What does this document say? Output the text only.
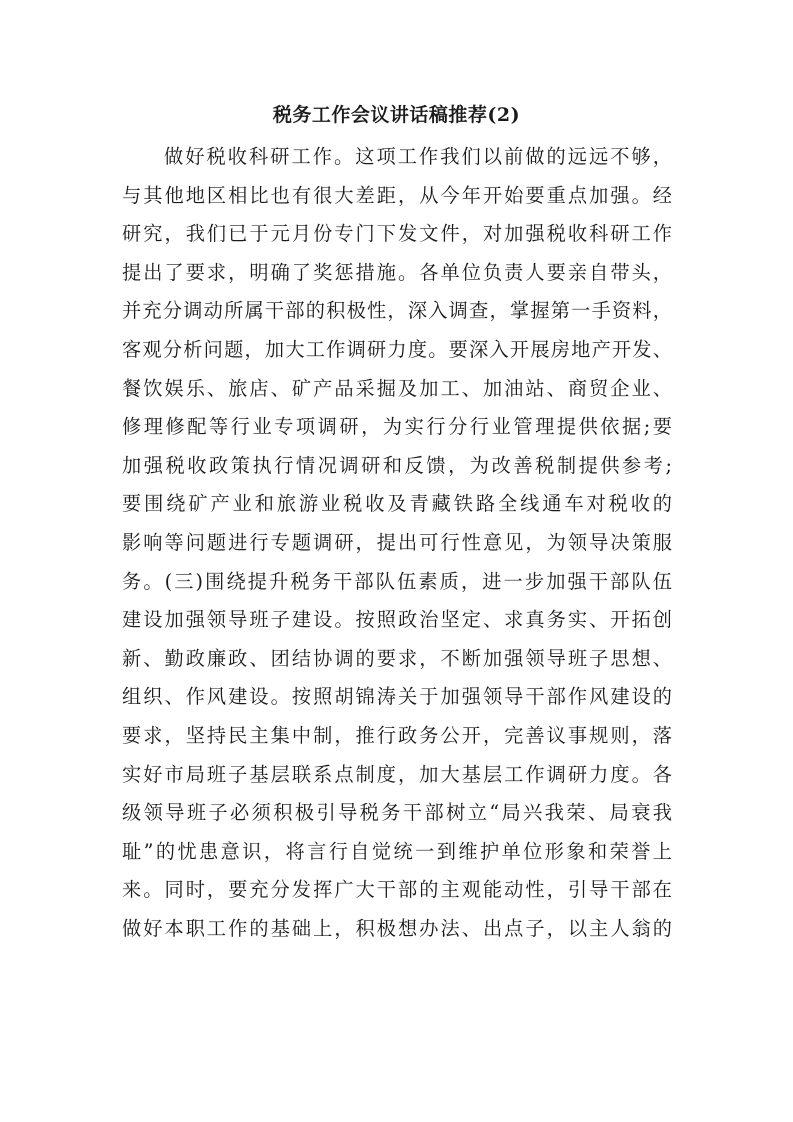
税务工作会议讲话稿推荐(2)
做好税收科研工作。这项工作我们以前做的远远不够，
与其他地区相比也有很大差距，从今年开始要重点加强。经
研究，我们已于元月份专门下发文件，对加强税收科研工作
提出了要求，明确了奖惩措施。各单位负责人要亲自带头，
并充分调动所属干部的积极性，深入调查，掌握第一手资料，
客观分析问题，加大工作调研力度。要深入开展房地产开发、
餐饮娱乐、旅店、矿产品采掘及加工、加油站、商贸企业、
修理修配等行业专项调研，为实行分行业管理提供依据;要
加强税收政策执行情况调研和反馈，为改善税制提供参考;
要围绕矿产业和旅游业税收及青藏铁路全线通车对税收的
影响等问题进行专题调研，提出可行性意见，为领导决策服
务。(三)围绕提升税务干部队伍素质，进一步加强干部队伍
建设加强领导班子建设。按照政治坚定、求真务实、开拓创
新、勤政廉政、团结协调的要求，不断加强领导班子思想、
组织、作风建设。按照胡锦涛关于加强领导干部作风建设的
要求，坚持民主集中制，推行政务公开，完善议事规则，落
实好市局班子基层联系点制度，加大基层工作调研力度。各
级领导班子必须积极引导税务干部树立“局兴我荣、局衰我
耻”的忧患意识，将言行自觉统一到维护单位形象和荣誉上
来。同时，要充分发挥广大干部的主观能动性，引导干部在
做好本职工作的基础上，积极想办法、出点子，以主人翁的
